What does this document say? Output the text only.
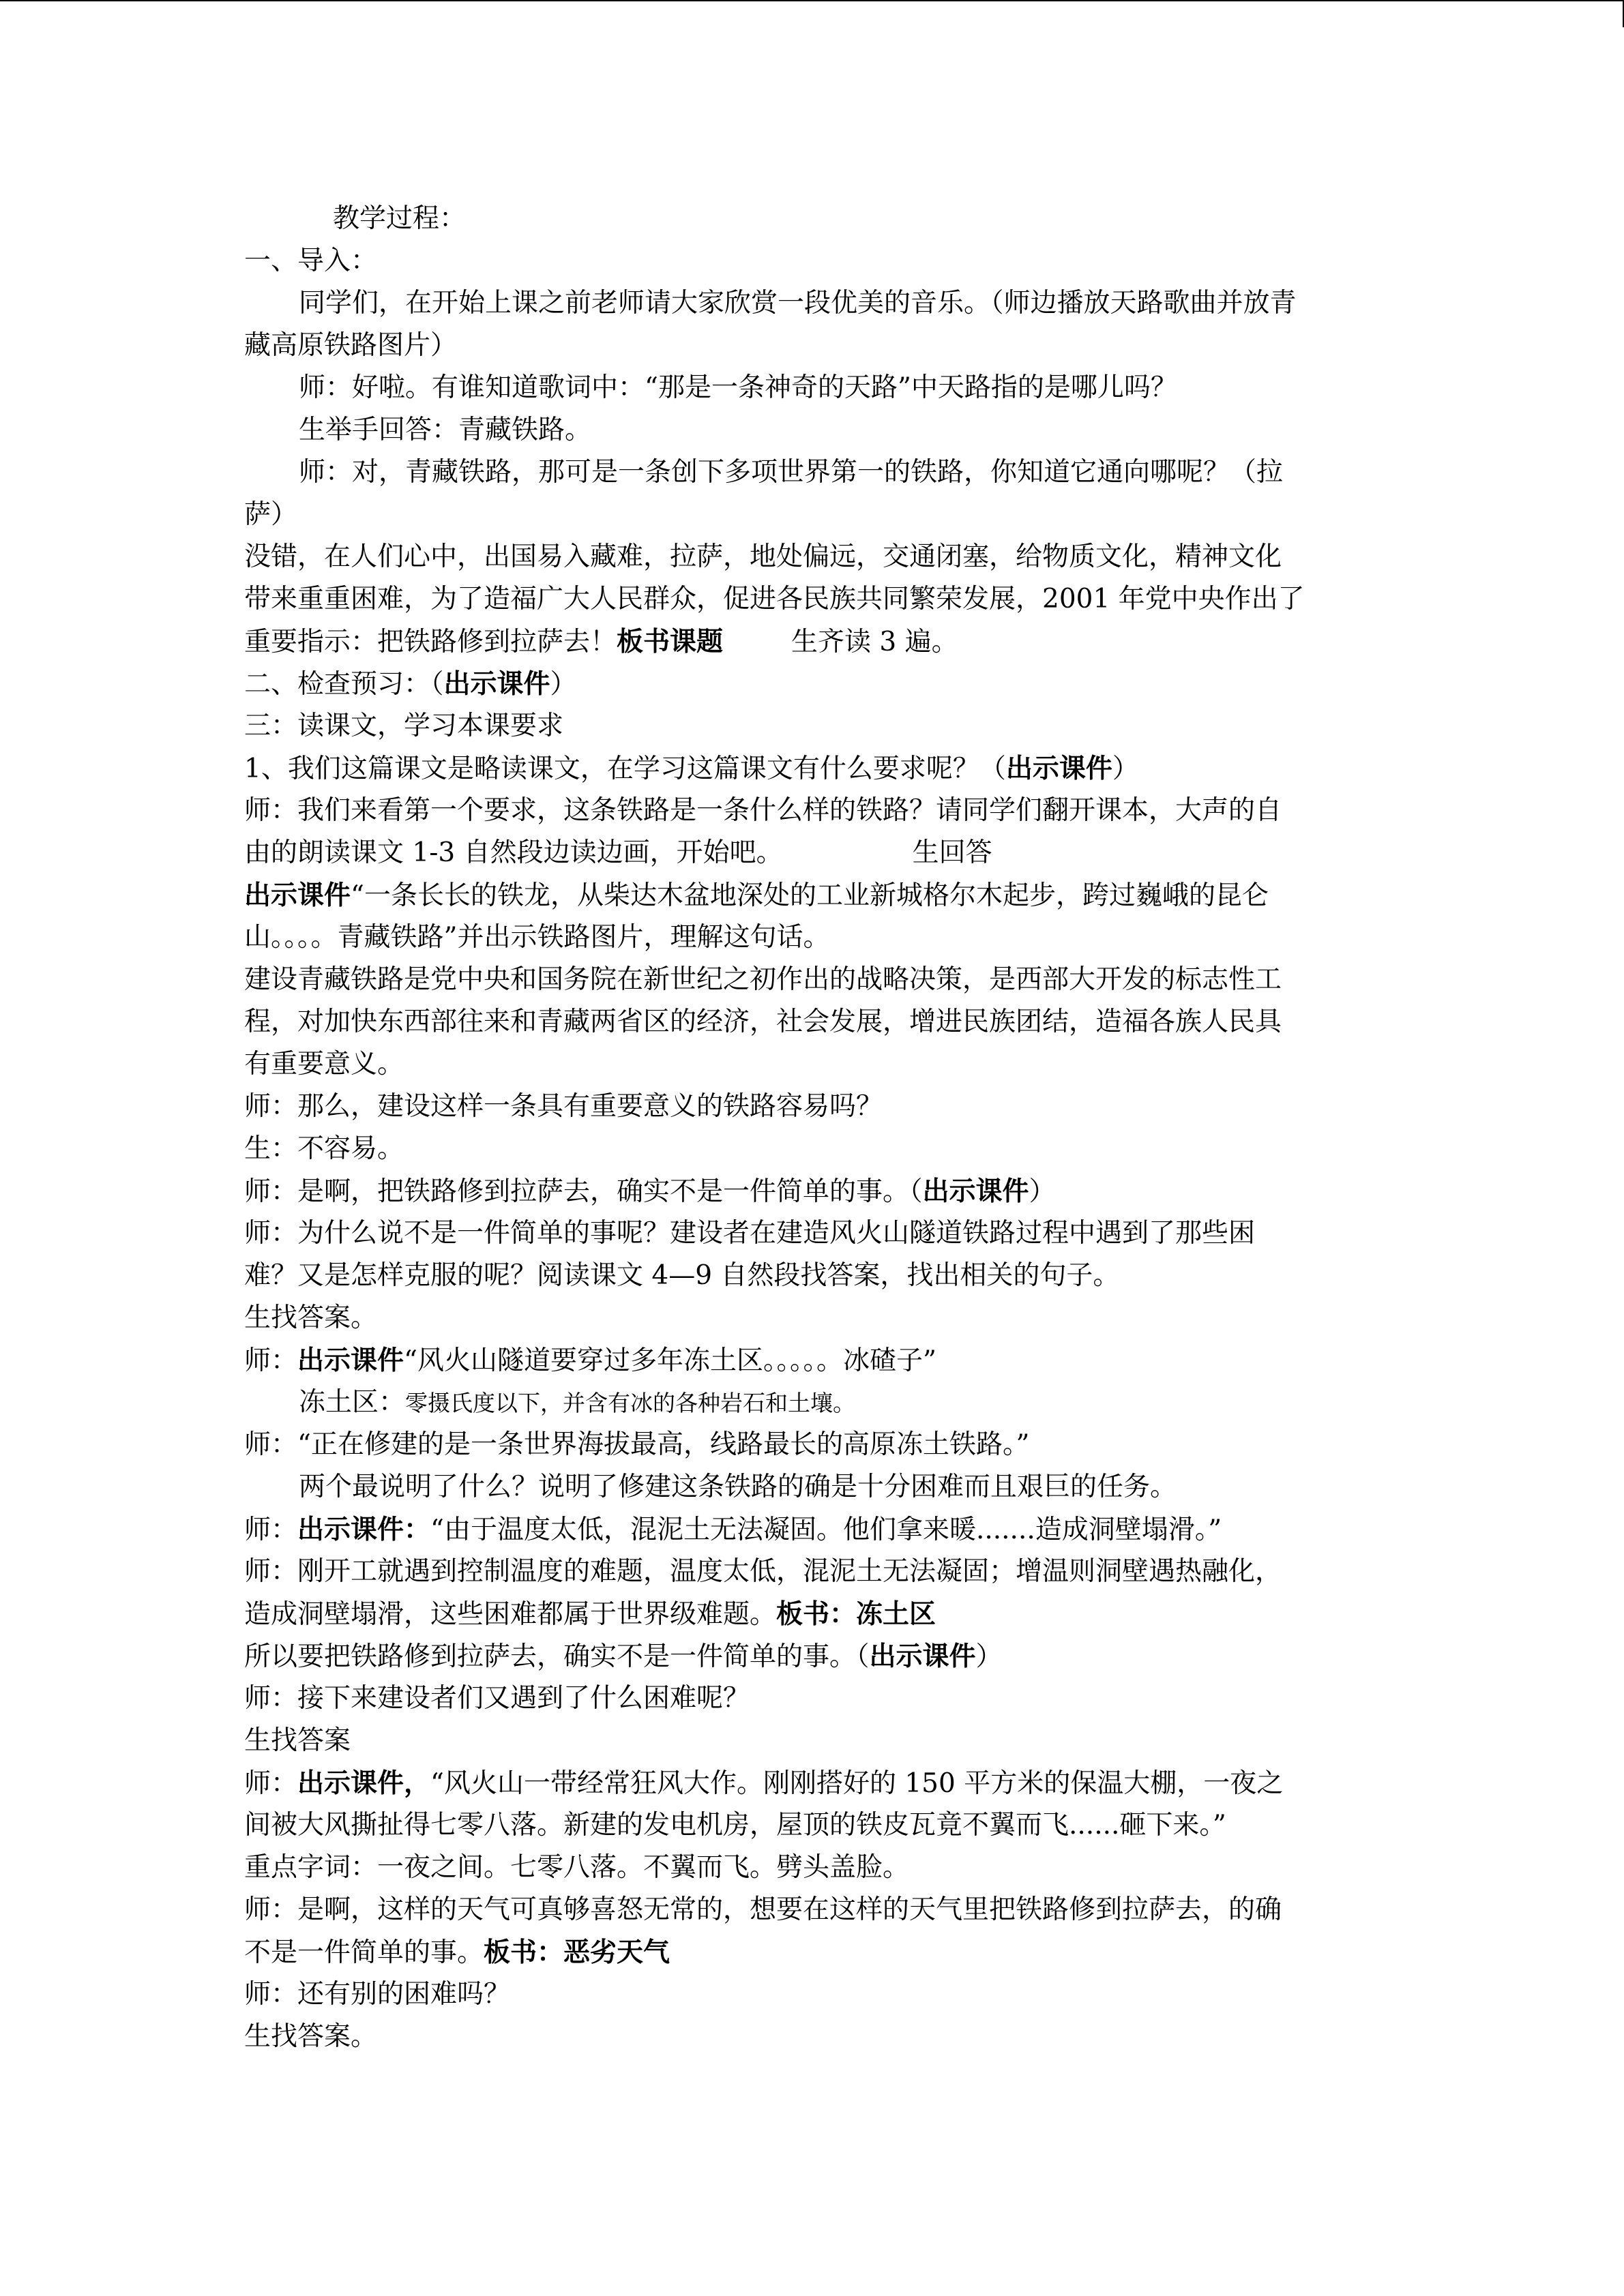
教学过程：
一、导入：
同学们，在开始上课之前老师请大家欣赏一段优美的音乐。（师边播放天路歌曲并放青
藏高原铁路图片）
师：好啦。有谁知道歌词中：“那是一条神奇的天路”中天路指的是哪儿吗？
生举手回答：青藏铁路。
师：对，青藏铁路，那可是一条创下多项世界第一的铁路，你知道它通向哪呢？（拉
萨）
没错，在人们心中，出国易入藏难，拉萨，地处偏远，交通闭塞，给物质文化，精神文化
带来重重困难，为了造福广大人民群众，促进各民族共同繁荣发展，2001 年党中央作出了
重要指示：把铁路修到拉萨去！板书课题	生齐读 3 遍。
二、检查预习：（出示课件）
三：读课文，学习本课要求
1、我们这篇课文是略读课文，在学习这篇课文有什么要求呢？（出示课件）
师：我们来看第一个要求，这条铁路是一条什么样的铁路？请同学们翻开课本，大声的自
由的朗读课文 1-3 自然段边读边画，开始吧。	生回答
出示课件“一条长长的铁龙，从柴达木盆地深处的工业新城格尔木起步，跨过巍峨的昆仑
山。。。。青藏铁路”并出示铁路图片，理解这句话。
建设青藏铁路是党中央和国务院在新世纪之初作出的战略决策，是西部大开发的标志性工
程，对加快东西部往来和青藏两省区的经济，社会发展，增进民族团结，造福各族人民具
有重要意义。
师：那么，建设这样一条具有重要意义的铁路容易吗？
生：不容易。
师：是啊，把铁路修到拉萨去，确实不是一件简单的事。（出示课件）
师：为什么说不是一件简单的事呢？建设者在建造风火山隧道铁路过程中遇到了那些困
难？又是怎样克服的呢？阅读课文 4—9 自然段找答案，找出相关的句子。
生找答案。
师：出示课件“风火山隧道要穿过多年冻土区。。。。。冰碴子”
冻土区：零摄氏度以下，并含有冰的各种岩石和土壤。
师：“正在修建的是一条世界海拔最高，线路最长的高原冻土铁路。”
两个最说明了什么？说明了修建这条铁路的确是十分困难而且艰巨的任务。
师：出示课件：“由于温度太低，混泥土无法凝固。他们拿来暖.......造成洞壁塌滑。”
师：刚开工就遇到控制温度的难题，温度太低，混泥土无法凝固；增温则洞壁遇热融化，
造成洞壁塌滑，这些困难都属于世界级难题。板书：冻土区
所以要把铁路修到拉萨去，确实不是一件简单的事。（出示课件）
师：接下来建设者们又遇到了什么困难呢？
生找答案
师：出示课件，“风火山一带经常狂风大作。刚刚搭好的 150 平方米的保温大棚，一夜之
间被大风撕扯得七零八落。新建的发电机房，屋顶的铁皮瓦竟不翼而飞......砸下来。”
重点字词：一夜之间。七零八落。不翼而飞。劈头盖脸。
师：是啊，这样的天气可真够喜怒无常的，想要在这样的天气里把铁路修到拉萨去，的确
不是一件简单的事。板书：恶劣天气
师：还有别的困难吗？
生找答案。
